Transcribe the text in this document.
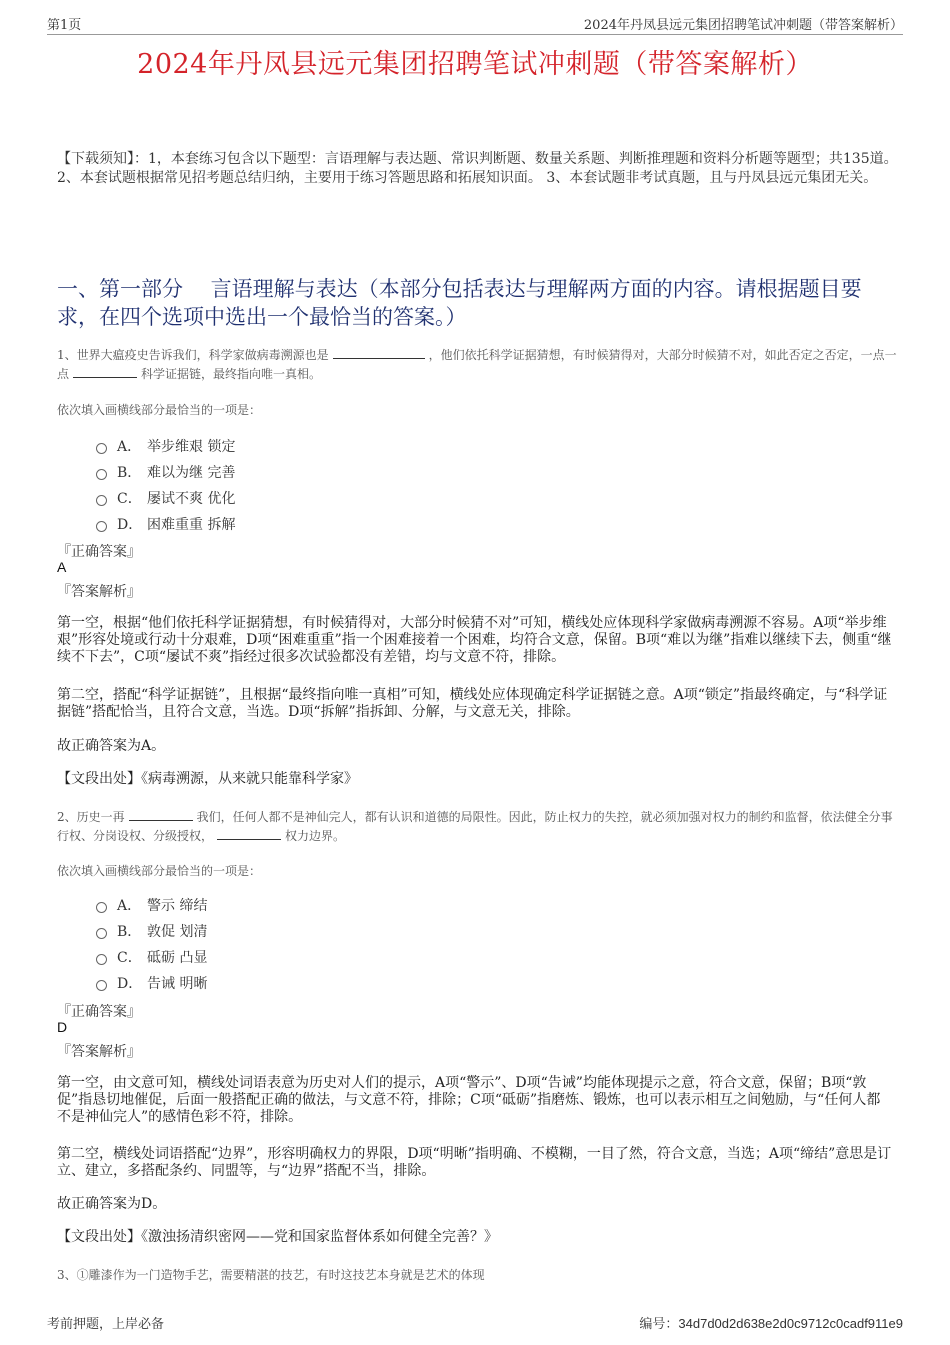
第1页	2024年丹凤县远元集团招聘笔试冲刺题（带答案解析）
2024年丹凤县远元集团招聘笔试冲刺题（带答案解析）
【下载须知】：1，本套练习包含以下题型：言语理解与表达题、常识判断题、数量关系题、判断推理题和资料分析题等题型；共135道。 2、本套试题根据常见招考题总结归纳，主要用于练习答题思路和拓展知识面。 3、本套试题非考试真题，且与丹凤县远元集团无关。
一、第一部分　 言语理解与表达（本部分包括表达与理解两方面的内容。请根据题目要求，在四个选项中选出一个最恰当的答案。）
1、世界大瘟疫史告诉我们，科学家做病毒溯源也是	，他们依托科学证据猜想，有时候猜得对，大部分时候猜不对，如此否定之否定，一点一点	科学证据链，最终指向唯一真相。
依次填入画横线部分最恰当的一项是：
A． 举步维艰 锁定
B． 难以为继 完善
C． 屡试不爽 优化
D． 困难重重 拆解
『正确答案』
A
『答案解析』
第一空，根据“他们依托科学证据猜想，有时候猜得对，大部分时候猜不对”可知，横线处应体现科学家做病毒溯源不容易。A项“举步维艰”形容处境或行动十分艰难，D项“困难重重”指一个困难接着一个困难，均符合文意，保留。B项“难以为继”指难以继续下去，侧重“继续不下去”，C项“屡试不爽”指经过很多次试验都没有差错，均与文意不符，排除。
第二空，搭配“科学证据链”，且根据“最终指向唯一真相”可知，横线处应体现确定科学证据链之意。A项“锁定”指最终确定，与“科学证据链”搭配恰当，且符合文意，当选。D项“拆解”指拆卸、分解，与文意无关，排除。
故正确答案为A。
【文段出处】《病毒溯源，从来就只能靠科学家》
2、历史一再	我们，任何人都不是神仙完人，都有认识和道德的局限性。因此，防止权力的失控，就必须加强对权力的制约和监督，依法健全分事行权、分岗设权、分级授权，	权力边界。
依次填入画横线部分最恰当的一项是：
A． 警示 缔结
B． 敦促 划清
C． 砥砺 凸显
D． 告诫 明晰
『正确答案』
D
『答案解析』
第一空，由文意可知，横线处词语表意为历史对人们的提示，A项“警示”、D项“告诫”均能体现提示之意，符合文意，保留；B项“敦促”指恳切地催促，后面一般搭配正确的做法，与文意不符，排除；C项“砥砺”指磨炼、锻炼，也可以表示相互之间勉励，与“任何人都不是神仙完人”的感情色彩不符，排除。
第二空，横线处词语搭配“边界”，形容明确权力的界限，D项“明晰”指明确、不模糊，一目了然，符合文意，当选；A项“缔结”意思是订立、建立，多搭配条约、同盟等，与“边界”搭配不当，排除。
故正确答案为D。
【文段出处】《激浊扬清织密网——党和国家监督体系如何健全完善？》
3、①雕漆作为一门造物手艺，需要精湛的技艺，有时这技艺本身就是艺术的体现
考前押题，上岸必备	编号：34d7d0d2d638e2d0c9712c0cadf911e9
